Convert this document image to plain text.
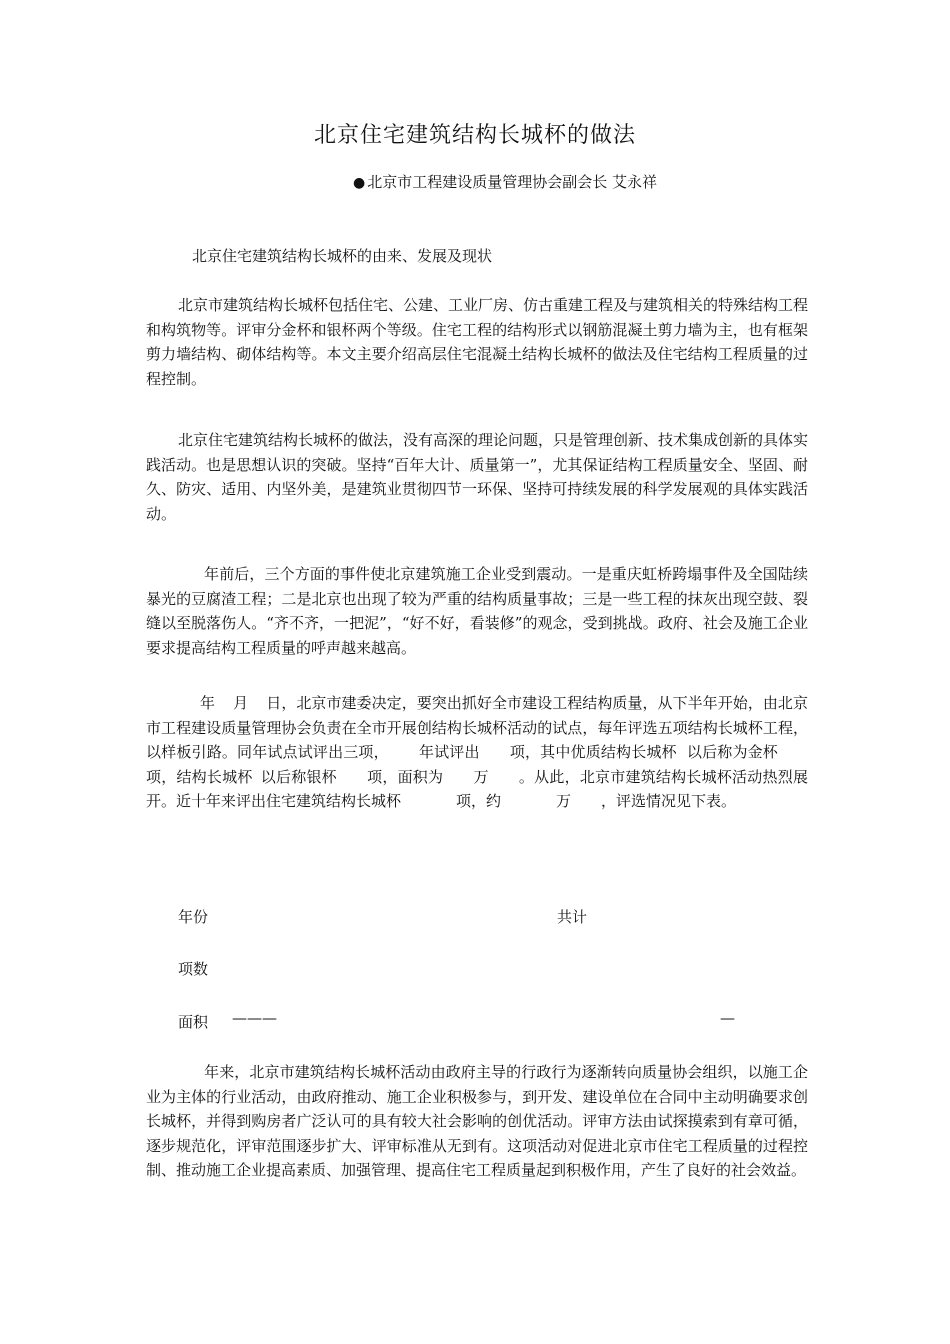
北京住宅建筑结构长城杯的做法
● 北京市工程建设质量管理协会副会长 艾永祥
北京住宅建筑结构长城杯的由来、发展及现状

北京市建筑结构长城杯包括住宅、公建、工业厂房、仿古重建工程及与建筑相关的特殊结构工程和构筑物等。评审分金杯和银杯两个等级。住宅工程的结构形式以钢筋混凝土剪力墙为主，也有框架 剪力墙结构、砌体结构等。本文主要介绍高层住宅混凝土结构长城杯的做法及住宅结构工程质量的过程控制。

北京住宅建筑结构长城杯的做法，没有高深的理论问题，只是管理创新、技术集成创新的具体实践活动。也是思想认识的突破。坚持“百年大计、质量第一”，尤其保证结构工程质量安全、坚固、耐久、防灾、适用、内坚外美，是建筑业贯彻四节一环保、坚持可持续发展的科学发展观的具体实践活动。

年前后，三个方面的事件使北京建筑施工企业受到震动。一是重庆虹桥跨塌事件及全国陆续暴光的豆腐渣工程；二是北京也出现了较为严重的结构质量事故；三是一些工程的抹灰出现空鼓、裂缝以至脱落伤人。“齐不齐，一把泥”，“好不好，看装修”的观念，受到挑战。政府、社会及施工企业要求提高结构工程质量的呼声越来越高。

年 月 日，北京市建委决定，要突出抓好全市建设工程结构质量，从下半年开始，由北京市工程建设质量管理协会负责在全市开展创结构长城杯活动的试点，每年评选五项结构长城杯工程，以样板引路。同年试点试评出三项， 年试评出 项，其中优质结构长城杯 以后称为金杯项，结构长城杯 以后称银杯 项，面积为 万 。从此，北京市建筑结构长城杯活动热烈展开。近十年来评出住宅建筑结构长城杯	项，约	万 ，评选情况见下表。

年份	共计
项数
面积 ———	—

年来，北京市建筑结构长城杯活动由政府主导的行政行为逐渐转向质量协会组织，以施工企业为主体的行业活动，由政府推动、施工企业积极参与，到开发、建设单位在合同中主动明确要求创长城杯，并得到购房者广泛认可的具有较大社会影响的创优活动。评审方法由试探摸索到有章可循，逐步规范化，评审范围逐步扩大、评审标准从无到有。这项活动对促进北京市住宅工程质量的过程控制、推动施工企业提高素质、加强管理、提高住宅工程质量起到积极作用，产生了良好的社会效益。
